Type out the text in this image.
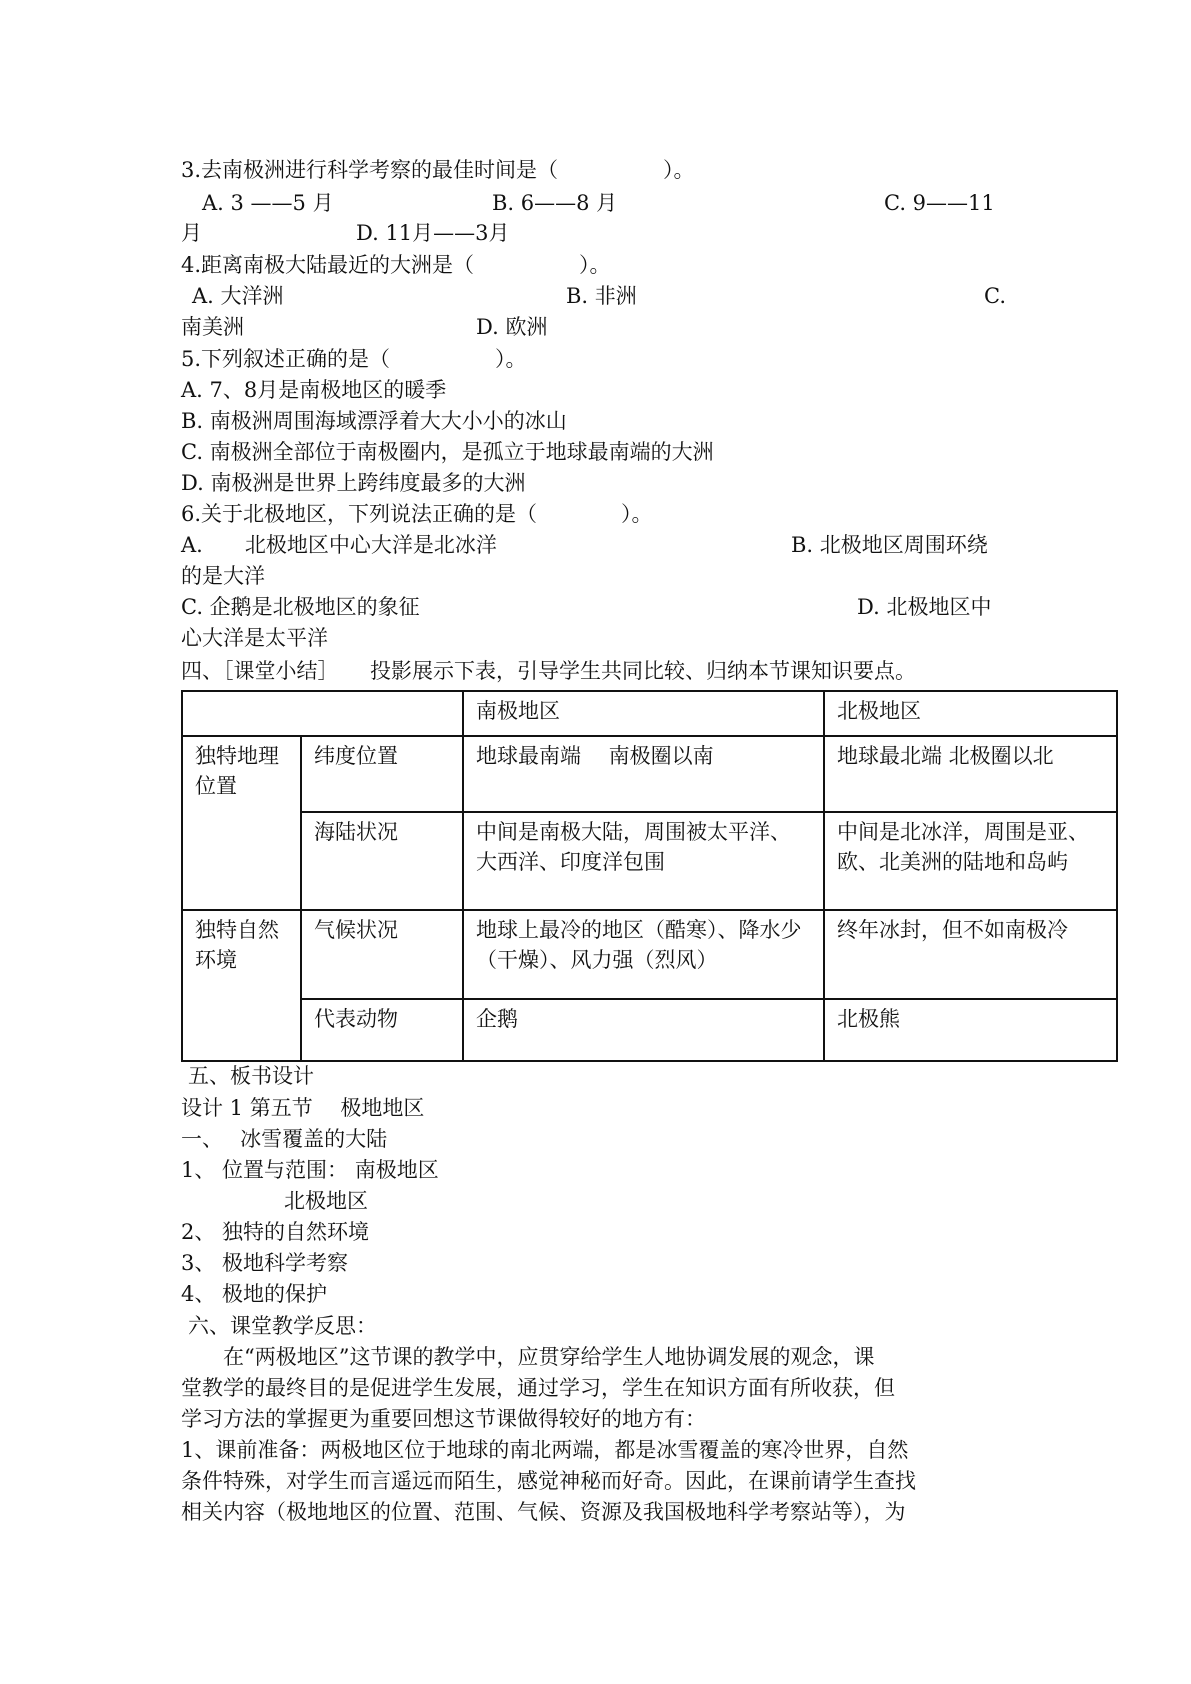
3.去南极洲进行科学考察的最佳时间是（　　　　　）。
A. 3 ——5 月	B. 6——8 月	C. 9——11
月	D. 11月——3月
4.距离南极大陆最近的大洲是（　　　　　）。
A. 大洋洲	B. 非洲	C.
南美洲	D. 欧洲
5.下列叙述正确的是（　　　　　）。
A. 7、8月是南极地区的暖季
B. 南极洲周围海域漂浮着大大小小的冰山
C. 南极洲全部位于南极圈内，是孤立于地球最南端的大洲
D. 南极洲是世界上跨纬度最多的大洲
6.关于北极地区，下列说法正确的是（　　　　）。
A.　　北极地区中心大洋是北冰洋	B. 北极地区周围环绕
的是大洋
C. 企鹅是北极地区的象征	D. 北极地区中
心大洋是太平洋
四、［课堂小结］　　投影展示下表，引导学生共同比较、归纳本节课知识要点。
		南极地区	北极地区
独特地理位置	纬度位置	地球最南端　 南极圈以南	地球最北端 北极圈以北
	海陆状况	中间是南极大陆，周围被太平洋、大西洋、印度洋包围	中间是北冰洋，周围是亚、欧、北美洲的陆地和岛屿
独特自然环境	气候状况	地球上最冷的地区（酷寒）、降水少（干燥）、风力强（烈风）	终年冰封，但不如南极冷
	代表动物	企鹅	北极熊
五、板书设计
设计 1 第五节　 极地地区
一、　 冰雪覆盖的大陆
1、 位置与范围： 南极地区
北极地区
2、 独特的自然环境
3、 极地科学考察
4、 极地的保护
六、课堂教学反思：
　　在“两极地区”这节课的教学中，应贯穿给学生人地协调发展的观念，课
堂教学的最终目的是促进学生发展，通过学习，学生在知识方面有所收获，但
学习方法的掌握更为重要回想这节课做得较好的地方有：
1、课前准备：两极地区位于地球的南北两端，都是冰雪覆盖的寒冷世界，自然
条件特殊，对学生而言遥远而陌生，感觉神秘而好奇。因此，在课前请学生查找
相关内容（极地地区的位置、范围、气候、资源及我国极地科学考察站等），为
